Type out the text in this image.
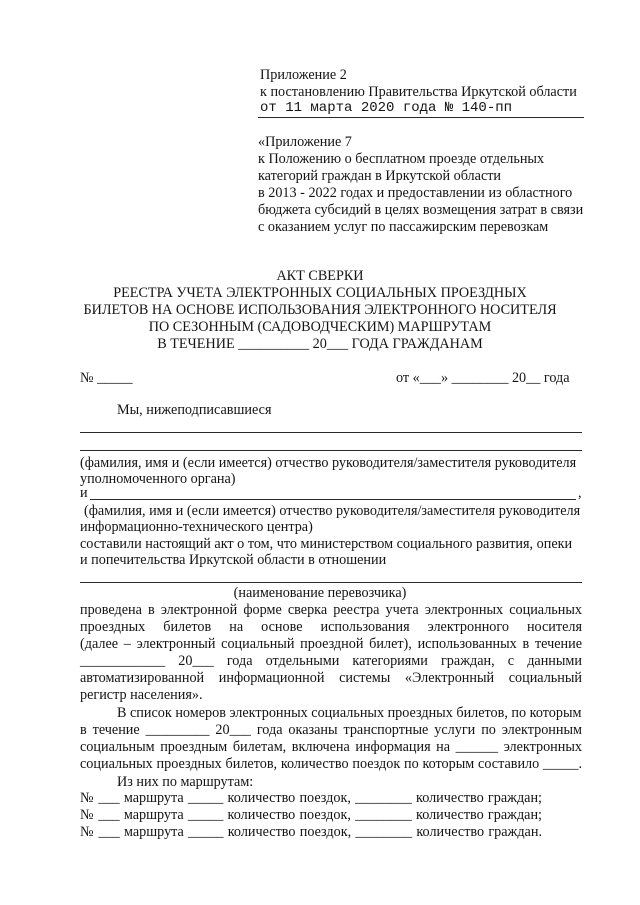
Приложение 2
к постановлению Правительства Иркутской области
от 11 марта 2020 года № 140-пп
«Приложение 7
к Положению о бесплатном проезде отдельных
категорий граждан в Иркутской области
в 2013 - 2022 годах и предоставлении из областного
бюджета субсидий в целях возмещения затрат в связи
с оказанием услуг по пассажирским перевозкам
АКТ СВЕРКИ
РЕЕСТРА УЧЕТА ЭЛЕКТРОННЫХ СОЦИАЛЬНЫХ ПРОЕЗДНЫХ
БИЛЕТОВ НА ОСНОВЕ ИСПОЛЬЗОВАНИЯ ЭЛЕКТРОННОГО НОСИТЕЛЯ
ПО СЕЗОННЫМ (САДОВОДЧЕСКИМ) МАРШРУТАМ
В ТЕЧЕНИЕ __________ 20___ ГОДА ГРАЖДАНАМ
№ _____	от «___» ________ 20__ года
Мы, нижеподписавшиеся
(фамилия, имя и (если имеется) отчество руководителя/заместителя руководителя
уполномоченного органа)
и	,
(фамилия, имя и (если имеется) отчество руководителя/заместителя руководителя
информационно-технического центра)
составили настоящий акт о том, что министерством социального развития, опеки
и попечительства Иркутской области в отношении
(наименование перевозчика)
проведена в электронной форме сверка реестра учета электронных социальных
проездных билетов на основе использования электронного носителя
(далее – электронный социальный проездной билет), использованных в течение
____________ 20___ года отдельными категориями граждан, с данными
автоматизированной информационной системы «Электронный социальный
регистр населения».
В список номеров электронных социальных проездных билетов, по которым
в течение _________ 20___ года оказаны транспортные услуги по электронным
социальным проездным билетам, включена информация на ______ электронных
социальных проездных билетов, количество поездок по которым составило _____.
Из них по маршрутам:
№ ___ маршрута _____ количество поездок, ________ количество граждан;
№ ___ маршрута _____ количество поездок, ________ количество граждан;
№ ___ маршрута _____ количество поездок, ________ количество граждан.
